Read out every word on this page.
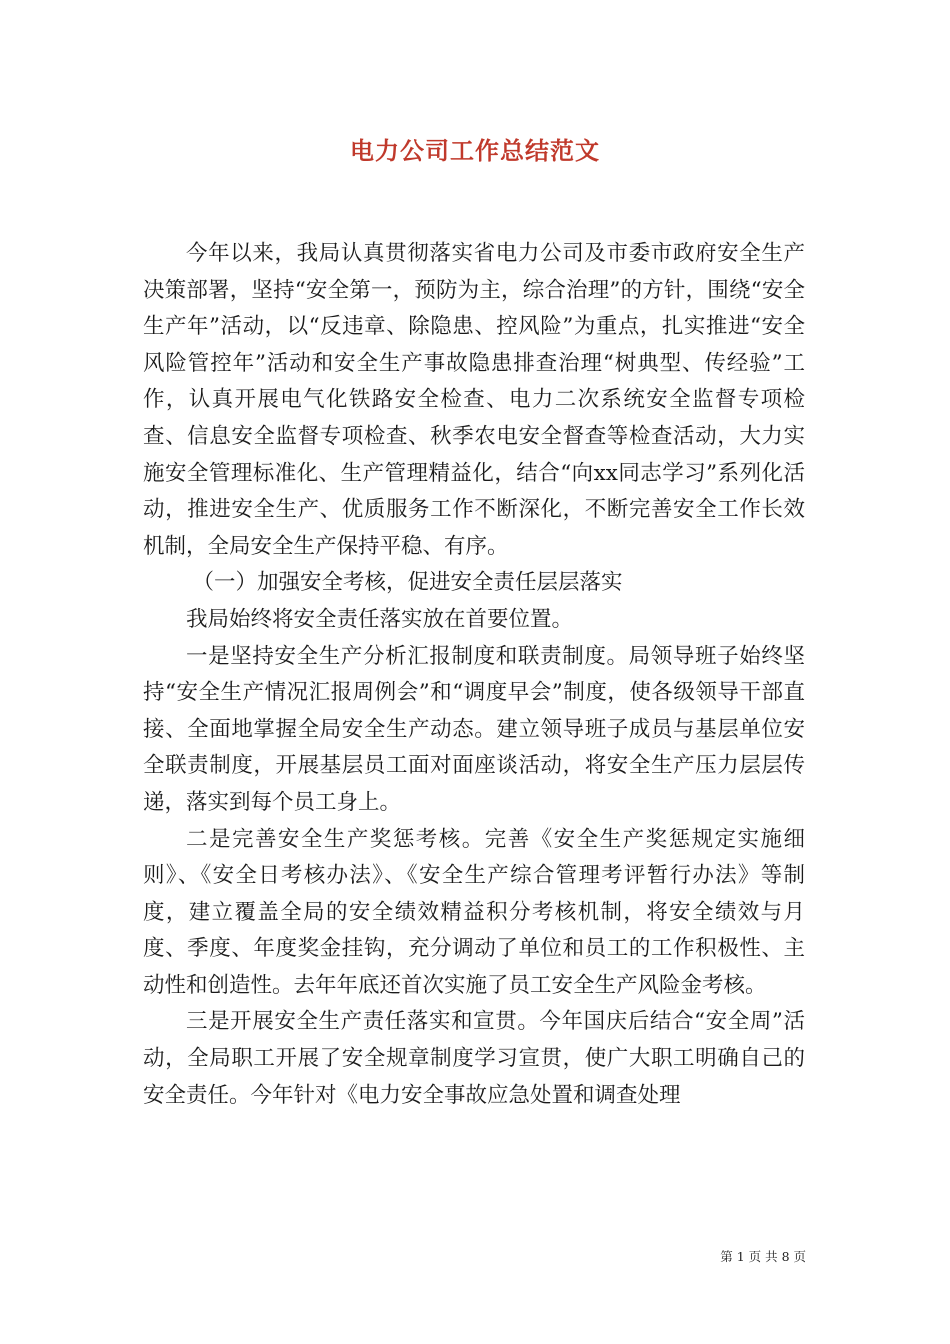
电力公司工作总结范文

今年以来，我局认真贯彻落实省电力公司及市委市政府安全生产决策部署，坚持“安全第一，预防为主，综合治理”的方针，围绕“安全生产年”活动，以“反违章、除隐患、控风险”为重点，扎实推进“安全风险管控年”活动和安全生产事故隐患排查治理“树典型、传经验”工作，认真开展电气化铁路安全检查、电力二次系统安全监督专项检查、信息安全监督专项检查、秋季农电安全督查等检查活动，大力实施安全管理标准化、生产管理精益化，结合“向xx同志学习”系列化活动，推进安全生产、优质服务工作不断深化，不断完善安全工作长效机制，全局安全生产保持平稳、有序。

（一）加强安全考核，促进安全责任层层落实

我局始终将安全责任落实放在首要位置。

一是坚持安全生产分析汇报制度和联责制度。局领导班子始终坚持“安全生产情况汇报周例会”和“调度早会”制度，使各级领导干部直接、全面地掌握全局安全生产动态。建立领导班子成员与基层单位安全联责制度，开展基层员工面对面座谈活动，将安全生产压力层层传递，落实到每个员工身上。

二是完善安全生产奖惩考核。完善《安全生产奖惩规定实施细则》、《安全日考核办法》、《安全生产综合管理考评暂行办法》等制度，建立覆盖全局的安全绩效精益积分考核机制，将安全绩效与月度、季度、年度奖金挂钩，充分调动了单位和员工的工作积极性、主动性和创造性。去年年底还首次实施了员工安全生产风险金考核。

三是开展安全生产责任落实和宣贯。今年国庆后结合“安全周”活动，全局职工开展了安全规章制度学习宣贯，使广大职工明确自己的安全责任。今年针对《电力安全事故应急处置和调查处理

第 1 页 共 8 页
